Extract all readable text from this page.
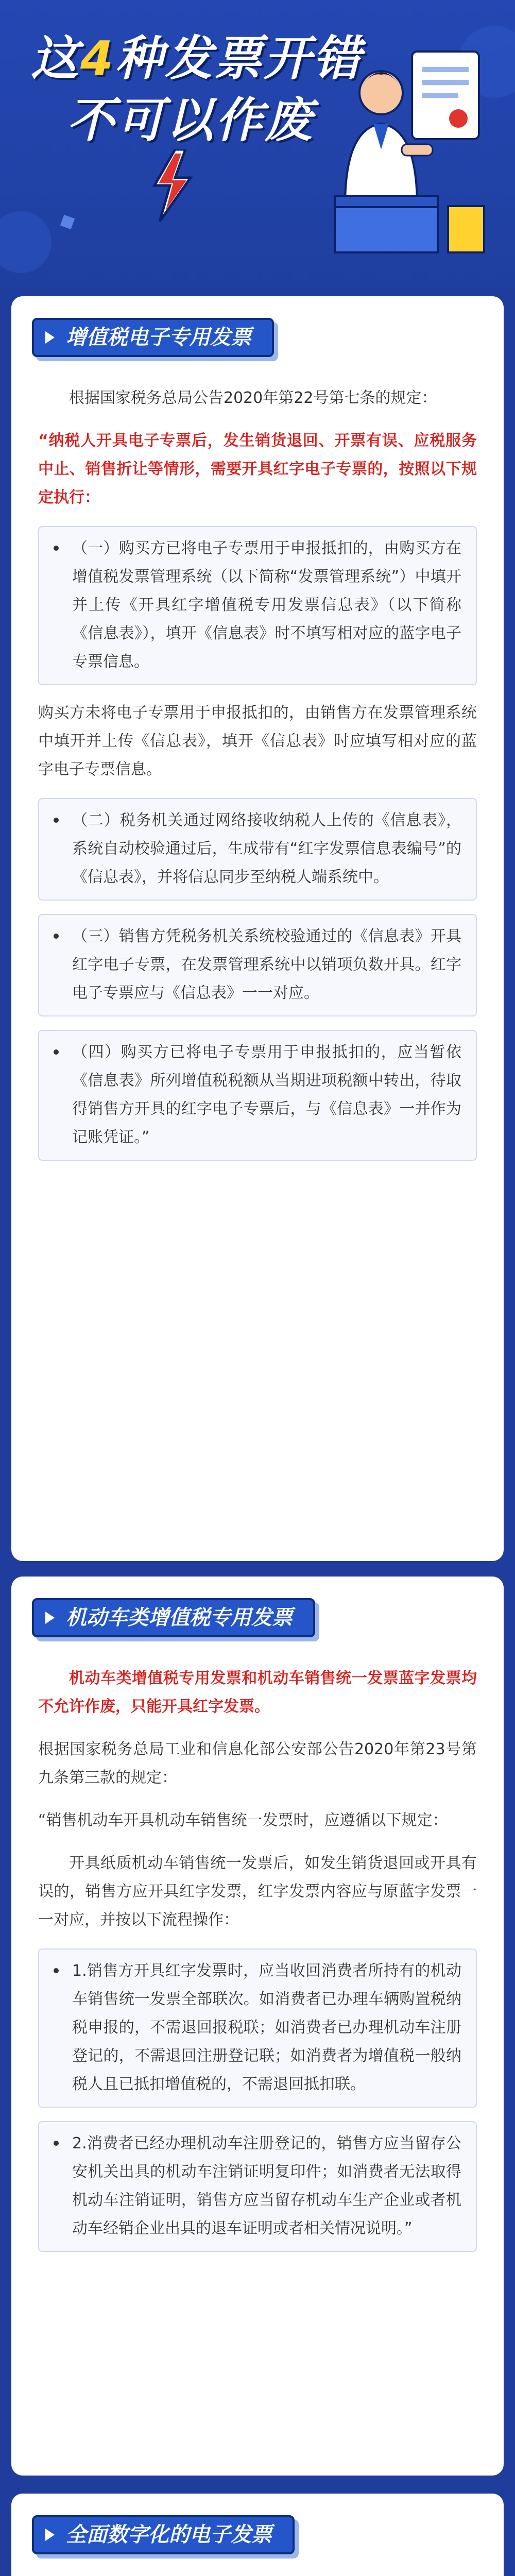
这4种发票开错
不可以作废
增值税电子专用发票

根据国家税务总局公告2020年第22号第七条的规定：

“纳税人开具电子专票后，发生销货退回、开票有误、应税服务中止、销售折让等情形，需要开具红字电子专票的，按照以下规定执行：

（一）购买方已将电子专票用于申报抵扣的，由购买方在增值税发票管理系统（以下简称“发票管理系统”）中填开并上传《开具红字增值税专用发票信息表》（以下简称《信息表》），填开《信息表》时不填写相对应的蓝字电子专票信息。

购买方未将电子专票用于申报抵扣的，由销售方在发票管理系统中填开并上传《信息表》，填开《信息表》时应填写相对应的蓝字电子专票信息。

（二）税务机关通过网络接收纳税人上传的《信息表》，系统自动校验通过后，生成带有“红字发票信息表编号”的《信息表》，并将信息同步至纳税人端系统中。

（三）销售方凭税务机关系统校验通过的《信息表》开具红字电子专票，在发票管理系统中以销项负数开具。红字电子专票应与《信息表》一一对应。

（四）购买方已将电子专票用于申报抵扣的，应当暂依《信息表》所列增值税税额从当期进项税额中转出，待取得销售方开具的红字电子专票后，与《信息表》一并作为记账凭证。”

机动车类增值税专用发票

机动车类增值税专用发票和机动车销售统一发票蓝字发票均不允许作废，只能开具红字发票。

根据国家税务总局工业和信息化部公安部公告2020年第23号第九条第三款的规定：

“销售机动车开具机动车销售统一发票时，应遵循以下规定：

开具纸质机动车销售统一发票后，如发生销货退回或开具有误的，销售方应开具红字发票，红字发票内容应与原蓝字发票一一对应，并按以下流程操作：

1.销售方开具红字发票时，应当收回消费者所持有的机动车销售统一发票全部联次。如消费者已办理车辆购置税纳税申报的，不需退回报税联；如消费者已办理机动车注册登记的，不需退回注册登记联；如消费者为增值税一般纳税人且已抵扣增值税的，不需退回抵扣联。

2.消费者已经办理机动车注册登记的，销售方应当留存公安机关出具的机动车注销证明复印件；如消费者无法取得机动车注销证明，销售方应当留存机动车生产企业或者机动车经销企业出具的退车证明或者相关情况说明。”

全面数字化的电子发票
